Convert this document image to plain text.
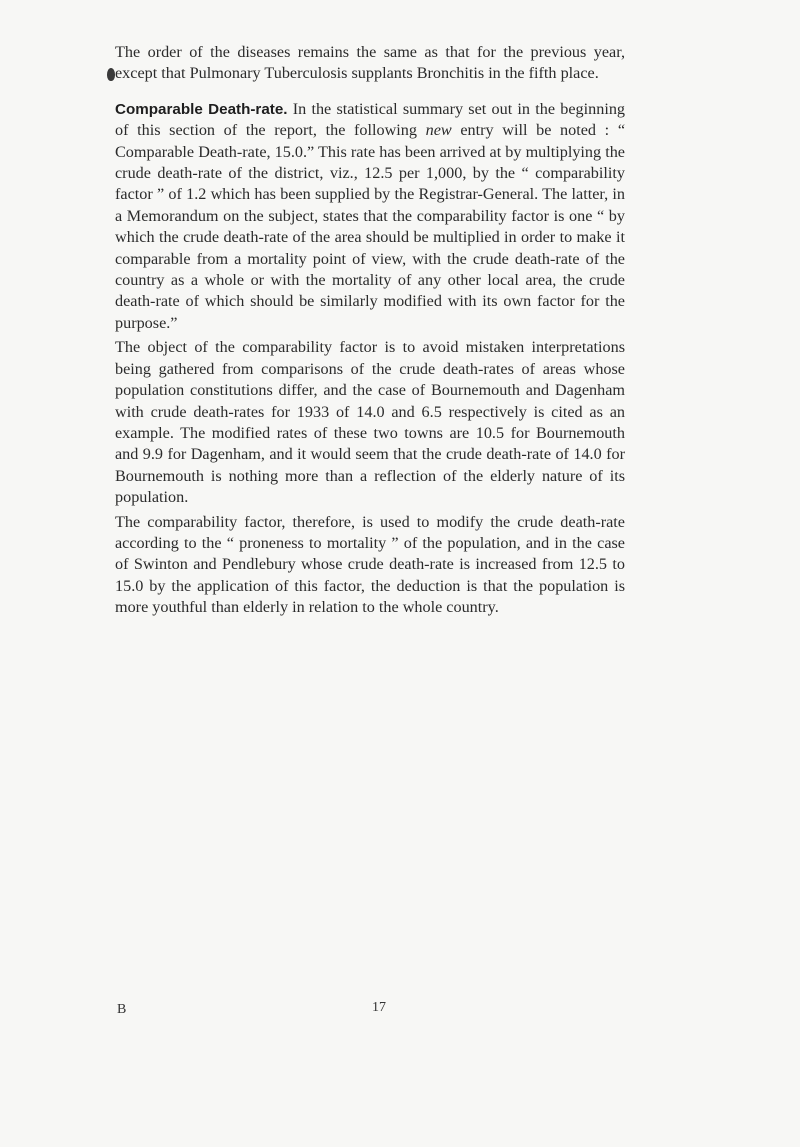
The order of the diseases remains the same as that for the previous year, except that Pulmonary Tuberculosis supplants Bronchitis in the fifth place.

Comparable Death-rate. In the statistical summary set out in the beginning of this section of the report, the following new entry will be noted : “ Comparable Death-rate, 15.0.” This rate has been arrived at by multiplying the crude death-rate of the district, viz., 12.5 per 1,000, by the “ comparability factor ” of 1.2 which has been supplied by the Registrar-General. The latter, in a Memorandum on the subject, states that the comparability factor is one “ by which the crude death-rate of the area should be multiplied in order to make it comparable from a mortality point of view, with the crude death-rate of the country as a whole or with the mortality of any other local area, the crude death-rate of which should be similarly modified with its own factor for the purpose.”

The object of the comparability factor is to avoid mistaken interpretations being gathered from comparisons of the crude death-rates of areas whose population constitutions differ, and the case of Bournemouth and Dagenham with crude death-rates for 1933 of 14.0 and 6.5 respectively is cited as an example. The modified rates of these two towns are 10.5 for Bournemouth and 9.9 for Dagenham, and it would seem that the crude death-rate of 14.0 for Bournemouth is nothing more than a reflection of the elderly nature of its population.

The comparability factor, therefore, is used to modify the crude death-rate according to the “ proneness to mortality ” of the population, and in the case of Swinton and Pendlebury whose crude death-rate is increased from 12.5 to 15.0 by the application of this factor, the deduction is that the population is more youthful than elderly in relation to the whole country.

B	17
